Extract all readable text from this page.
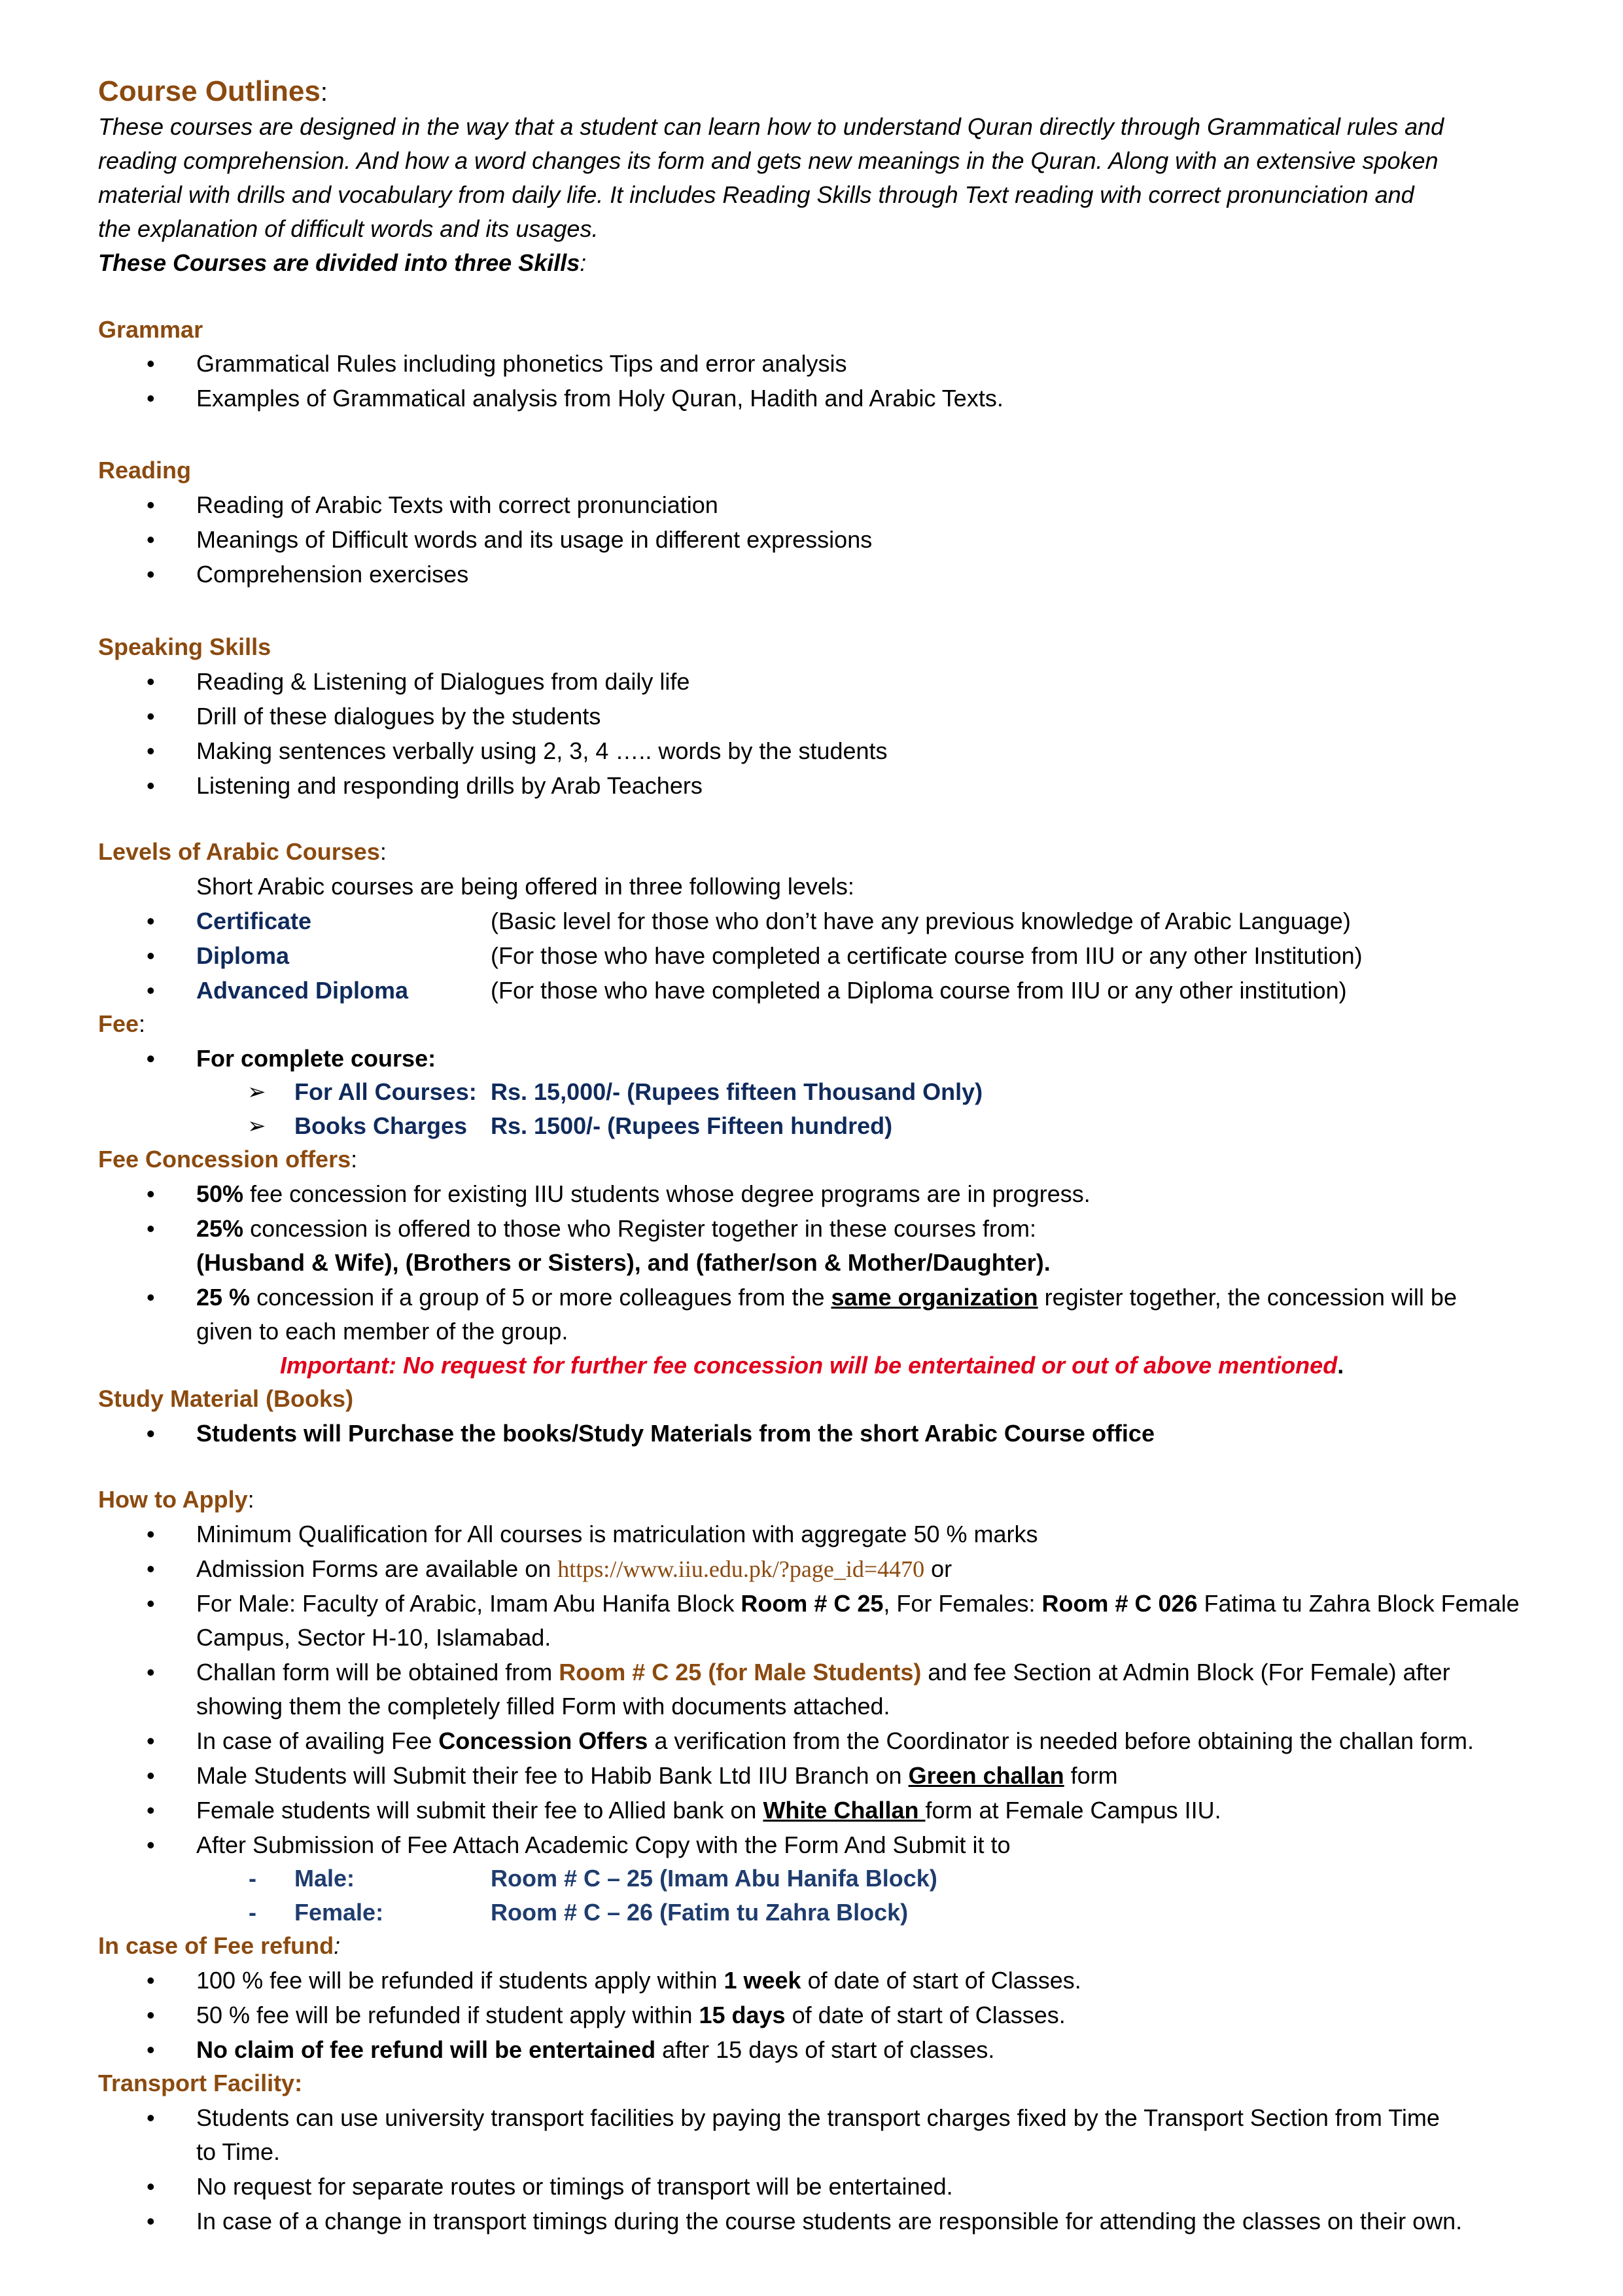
Course Outlines:
These courses are designed in the way that a student can learn how to understand Quran directly through Grammatical rules and
reading comprehension. And how a word changes its form and gets new meanings in the Quran. Along with an extensive spoken
material with drills and vocabulary from daily life. It includes Reading Skills through Text reading with correct pronunciation and
the explanation of difficult words and its usages.
These Courses are divided into three Skills:
Grammar
• Grammatical Rules including phonetics Tips and error analysis
• Examples of Grammatical analysis from Holy Quran, Hadith and Arabic Texts.
Reading
• Reading of Arabic Texts with correct pronunciation
• Meanings of Difficult words and its usage in different expressions
• Comprehension exercises
Speaking Skills
• Reading & Listening of Dialogues from daily life
• Drill of these dialogues by the students
• Making sentences verbally using 2, 3, 4 ….. words by the students
• Listening and responding drills by Arab Teachers
Levels of Arabic Courses:
Short Arabic courses are being offered in three following levels:
• Certificate	(Basic level for those who don’t have any previous knowledge of Arabic Language)
• Diploma	(For those who have completed a certificate course from IIU or any other Institution)
• Advanced Diploma	(For those who have completed a Diploma course from IIU or any other institution)
Fee:
• For complete course:
➢ For All Courses: Rs. 15,000/- (Rupees fifteen Thousand Only)
➢ Books Charges Rs. 1500/- (Rupees Fifteen hundred)
Fee Concession offers:
• 50% fee concession for existing IIU students whose degree programs are in progress.
• 25% concession is offered to those who Register together in these courses from:
(Husband & Wife), (Brothers or Sisters), and (father/son & Mother/Daughter).
• 25 % concession if a group of 5 or more colleagues from the same organization register together, the concession will be
given to each member of the group.
Important: No request for further fee concession will be entertained or out of above mentioned.
Study Material (Books)
• Students will Purchase the books/Study Materials from the short Arabic Course office
How to Apply:
• Minimum Qualification for All courses is matriculation with aggregate 50 % marks
• Admission Forms are available on https://www.iiu.edu.pk/?page_id=4470 or
• For Male: Faculty of Arabic, Imam Abu Hanifa Block Room # C 25, For Females: Room # C 026 Fatima tu Zahra Block Female
Campus, Sector H-10, Islamabad.
• Challan form will be obtained from Room # C 25 (for Male Students) and fee Section at Admin Block (For Female) after
showing them the completely filled Form with documents attached.
• In case of availing Fee Concession Offers a verification from the Coordinator is needed before obtaining the challan form.
• Male Students will Submit their fee to Habib Bank Ltd IIU Branch on Green challan form
• Female students will submit their fee to Allied bank on White Challan form at Female Campus IIU.
• After Submission of Fee Attach Academic Copy with the Form And Submit it to
- Male:	Room # C – 25 (Imam Abu Hanifa Block)
- Female:	Room # C – 26 (Fatim tu Zahra Block)
In case of Fee refund:
• 100 % fee will be refunded if students apply within 1 week of date of start of Classes.
• 50 % fee will be refunded if student apply within 15 days of date of start of Classes.
• No claim of fee refund will be entertained after 15 days of start of classes.
Transport Facility:
• Students can use university transport facilities by paying the transport charges fixed by the Transport Section from Time
to Time.
• No request for separate routes or timings of transport will be entertained.
• In case of a change in transport timings during the course students are responsible for attending the classes on their own.
